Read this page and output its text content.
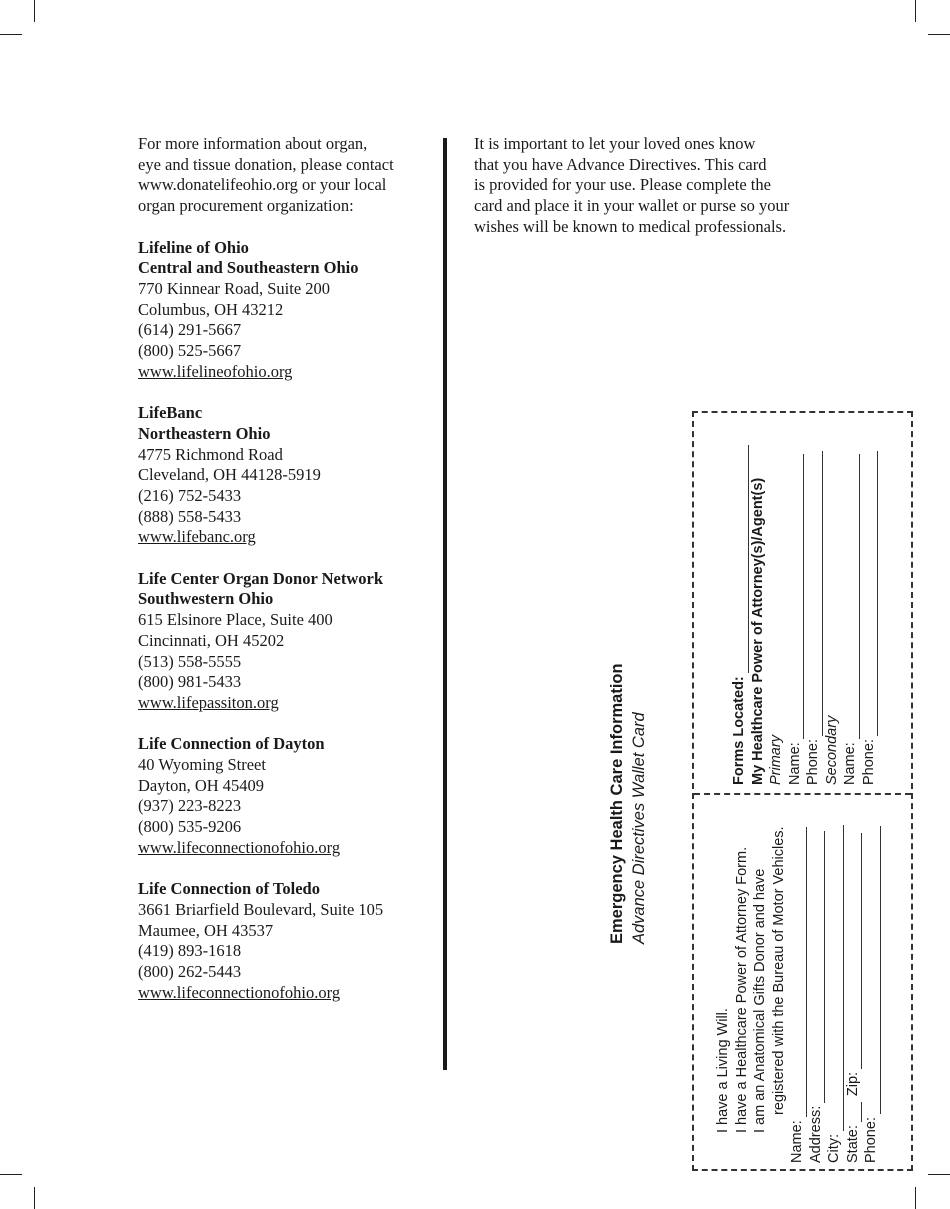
For more information about organ,

eye and tissue donation, please contact

www.donatelifeohio.org or your local

organ procurement organization:

Lifeline of Ohio

Central and Southeastern Ohio

770 Kinnear Road, Suite 200

Columbus, OH 43212

(614) 291-5667

(800) 525-5667

www.lifelineofohio.org

LifeBanc

Northeastern Ohio

4775 Richmond Road

Cleveland, OH 44128-5919

(216) 752-5433

(888) 558-5433

www.lifebanc.org

Life Center Organ Donor Network

Southwestern Ohio

615 Elsinore Place, Suite 400

Cincinnati, OH 45202

(513) 558-5555

(800) 981-5433

www.lifepassiton.org

Life Connection of Dayton

40 Wyoming Street

Dayton, OH 45409

(937) 223-8223

(800) 535-9206

www.lifeconnectionofohio.org

Life Connection of Toledo

3661 Briarfield Boulevard, Suite 105

Maumee, OH 43537

(419) 893-1618

(800) 262-5443

www.lifeconnectionofohio.org

It is important to let your loved ones know

that you have Advance Directives. This card

is provided for your use. Please complete the

card and place it in your wallet or purse so your

wishes will be known to medical professionals.

Emergency Health Care Information Advance Directives Wallet Card	Forms Located: My Healthcare Power of Attorney(s)/Agent(s) Primary Name: Phone: Secondary Name: Phone:
I have a Living Will. I have a Healthcare Power of Attorney Form. I am an Anatomical Gifts Donor and have registered with the Bureau of Motor Vehicles.
Name: Address: City: State:
Zip:
Phone:
